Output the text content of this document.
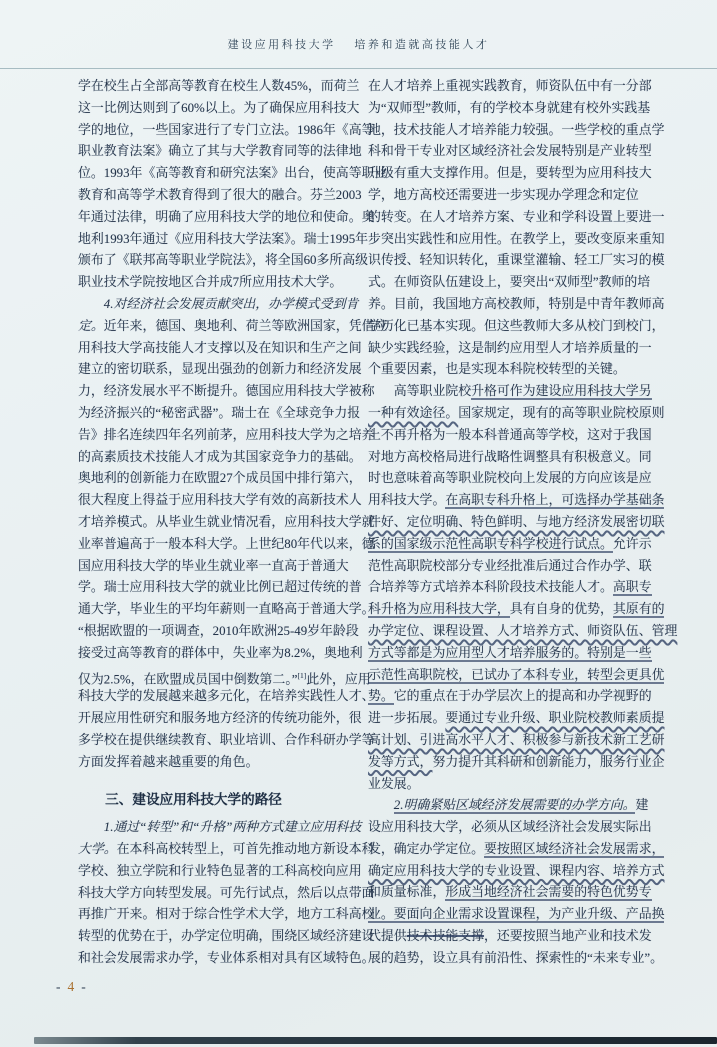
建设应用科技大学　 培养和造就高技能人才
学在校生占全部高等教育在校生人数45%，而荷兰
这一比例达则到了60%以上。为了确保应用科技大
学的地位，一些国家进行了专门立法。1986年《高等
职业教育法案》确立了其与大学教育同等的法律地
位。1993年《高等教育和研究法案》出台，使高等职业
教育和高等学术教育得到了很大的融合。芬兰2003
年通过法律，明确了应用科技大学的地位和使命。奥
地利1993年通过《应用科技大学法案》。瑞士1995年
颁布了《联邦高等职业学院法》，将全国60多所高级
职业技术学院按地区合并成7所应用技术大学。
　　4.对经济社会发展贡献突出，办学模式受到肯
定。近年来，德国、奥地利、荷兰等欧洲国家，凭借应
用科技大学高技能人才支撑以及在知识和生产之间
建立的密切联系，显现出强劲的创新力和经济发展
力，经济发展水平不断提升。德国应用科技大学被称
为经济振兴的“秘密武器”。瑞士在《全球竞争力报
告》排名连续四年名列前茅，应用科技大学为之培养
的高素质技术技能人才成为其国家竞争力的基础。
奥地利的创新能力在欧盟27个成员国中排行第六，
很大程度上得益于应用科技大学有效的高新技术人
才培养模式。从毕业生就业情况看，应用科技大学就
业率普遍高于一般本科大学。上世纪80年代以来，德
国应用科技大学的毕业生就业率一直高于普通大
学。瑞士应用科技大学的就业比例已超过传统的普
通大学，毕业生的平均年薪则一直略高于普通大学。
“根据欧盟的一项调查，2010年欧洲25-49岁年龄段
接受过高等教育的群体中，失业率为8.2%，奥地利
仅为2.5%，在欧盟成员国中倒数第二。”[1]此外，应用
科技大学的发展越来越多元化，在培养实践性人才、
开展应用性研究和服务地方经济的传统功能外，很
多学校在提供继续教育、职业培训、合作科研办学等
方面发挥着越来越重要的角色。
　　三、建设应用科技大学的路径
　　1.通过“转型”和“升格”两种方式建立应用科技
大学。在本科高校转型上，可首先推动地方新设本科
学校、独立学院和行业特色显著的工科高校向应用
科技大学方向转型发展。可先行试点，然后以点带面
再推广开来。相对于综合性学术大学，地方工科高校
转型的优势在于，办学定位明确，围绕区域经济建设
和社会发展需求办学，专业体系相对具有区域特色。
在人才培养上重视实践教育，师资队伍中有一分部
为“双师型”教师，有的学校本身就建有校外实践基
地，技术技能人才培养能力较强。一些学校的重点学
科和骨干专业对区域经济社会发展特别是产业转型
升级有重大支撑作用。但是，要转型为应用科技大
学，地方高校还需要进一步实现办学理念和定位
的转变。在人才培养方案、专业和学科设置上要进一
步突出实践性和应用性。在教学上，要改变原来重知
识传授、轻知识转化，重课堂灌输、轻工厂实习的模
式。在师资队伍建设上，要突出“双师型”教师的培
养。目前，我国地方高校教师，特别是中青年教师高
学历化已基本实现。但这些教师大多从校门到校门，
缺少实践经验，这是制约应用型人才培养质量的一
个重要因素，也是实现本科院校转型的关键。
　　高等职业院校升格可作为建设应用科技大学另
一种有效途径。国家规定，现有的高等职业院校原则
上不再升格为一般本科普通高等学校，这对于我国
对地方高校格局进行战略性调整具有积极意义。同
时也意味着高等职业院校向上发展的方向应该是应
用科技大学。在高职专科升格上，可选择办学基础条
件好、定位明确、特色鲜明、与地方经济发展密切联
系的国家级示范性高职专科学校进行试点。允许示
范性高职院校部分专业经批准后通过合作办学、联
合培养等方式培养本科阶段技术技能人才。高职专
科升格为应用科技大学，具有自身的优势，其原有的
办学定位、课程设置、人才培养方式、师资队伍、管理
方式等都是为应用型人才培养服务的。特别是一些
示范性高职院校，已试办了本科专业，转型会更具优
势。它的重点在于办学层次上的提高和办学视野的
进一步拓展。要通过专业升级、职业院校教师素质提
高计划、引进高水平人才、积极参与新技术新工艺研
发等方式，努力提升其科研和创新能力，服务行业企
业发展。
　　2.明确紧贴区域经济发展需要的办学方向。建
设应用科技大学，必须从区域经济社会发展实际出
发，确定办学定位。要按照区域经济社会发展需求，
确定应用科技大学的专业设置、课程内容、培养方式
和质量标准，形成当地经济社会需要的特色优势专
业。要面向企业需求设置课程，为产业升级、产品换
代提供技术技能支撑，还要按照当地产业和技术发
展的趋势，设立具有前沿性、探索性的“未来专业”。
- 4 -
